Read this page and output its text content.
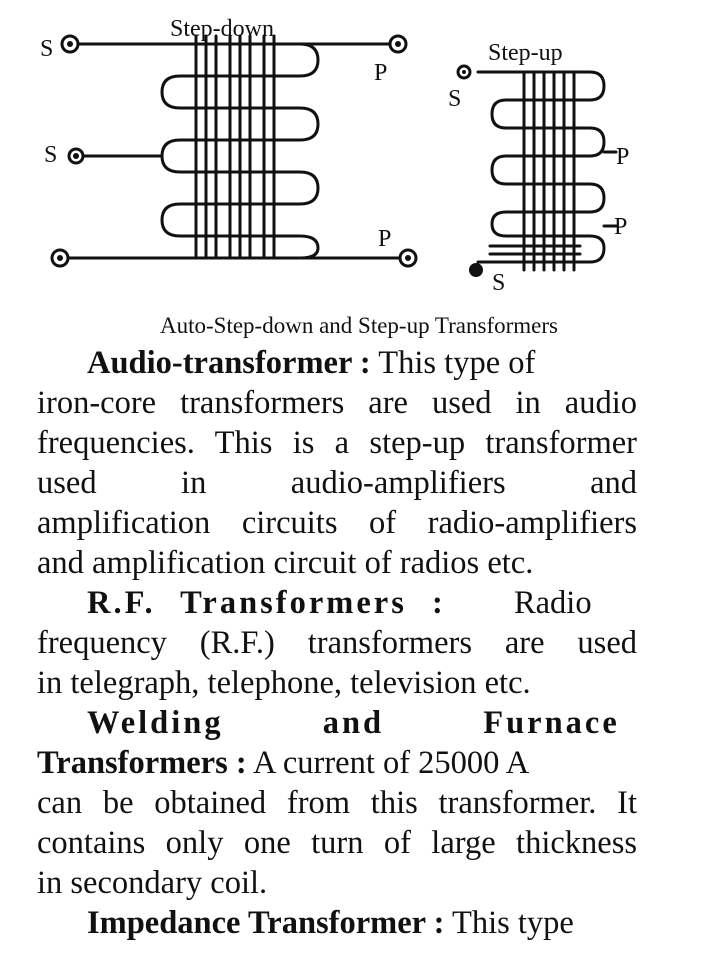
Step-down
Step-up
S
P
S
P
S
P
P
S
Auto-Step-down and Step-up Transformers
Audio-transformer : This type of
iron-core transformers are used in audio
frequencies. This is a step-up transformer
used in audio-amplifiers and
amplification circuits of radio-amplifiers
and amplification circuit of radios etc.
R.F. Transformers : Radio
frequency (R.F.) transformers are used
in telegraph, telephone, television etc.
Welding and Furnace
Transformers : A current of 25000 A
can be obtained from this transformer. It
contains only one turn of large thickness
in secondary coil.
Impedance Transformer : This type
